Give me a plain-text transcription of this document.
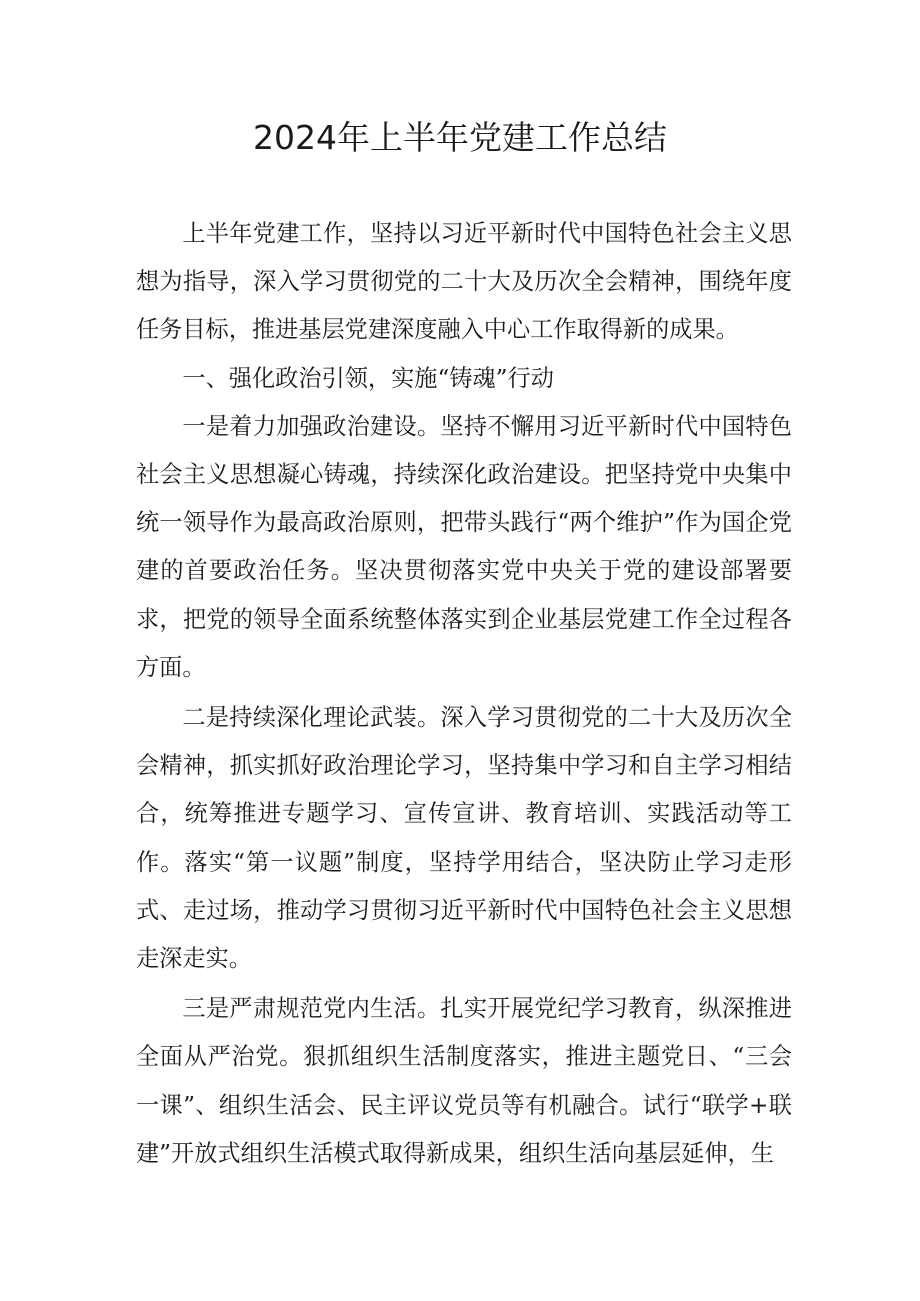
2024年上半年党建工作总结

上半年党建工作，坚持以习近平新时代中国特色社会主义思想为指导，深入学习贯彻党的二十大及历次全会精神，围绕年度任务目标，推进基层党建深度融入中心工作取得新的成果。

一、强化政治引领，实施“铸魂”行动

一是着力加强政治建设。坚持不懈用习近平新时代中国特色社会主义思想凝心铸魂，持续深化政治建设。把坚持党中央集中统一领导作为最高政治原则，把带头践行“两个维护”作为国企党建的首要政治任务。坚决贯彻落实党中央关于党的建设部署要求，把党的领导全面系统整体落实到企业基层党建工作全过程各方面。

二是持续深化理论武装。深入学习贯彻党的二十大及历次全会精神，抓实抓好政治理论学习，坚持集中学习和自主学习相结合，统筹推进专题学习、宣传宣讲、教育培训、实践活动等工作。落实“第一议题”制度，坚持学用结合，坚决防止学习走形式、走过场，推动学习贯彻习近平新时代中国特色社会主义思想走深走实。

三是严肃规范党内生活。扎实开展党纪学习教育，纵深推进全面从严治党。狠抓组织生活制度落实，推进主题党日、“三会一课”、组织生活会、民主评议党员等有机融合。试行“联学+联建”开放式组织生活模式取得新成果，组织生活向基层延伸，生
